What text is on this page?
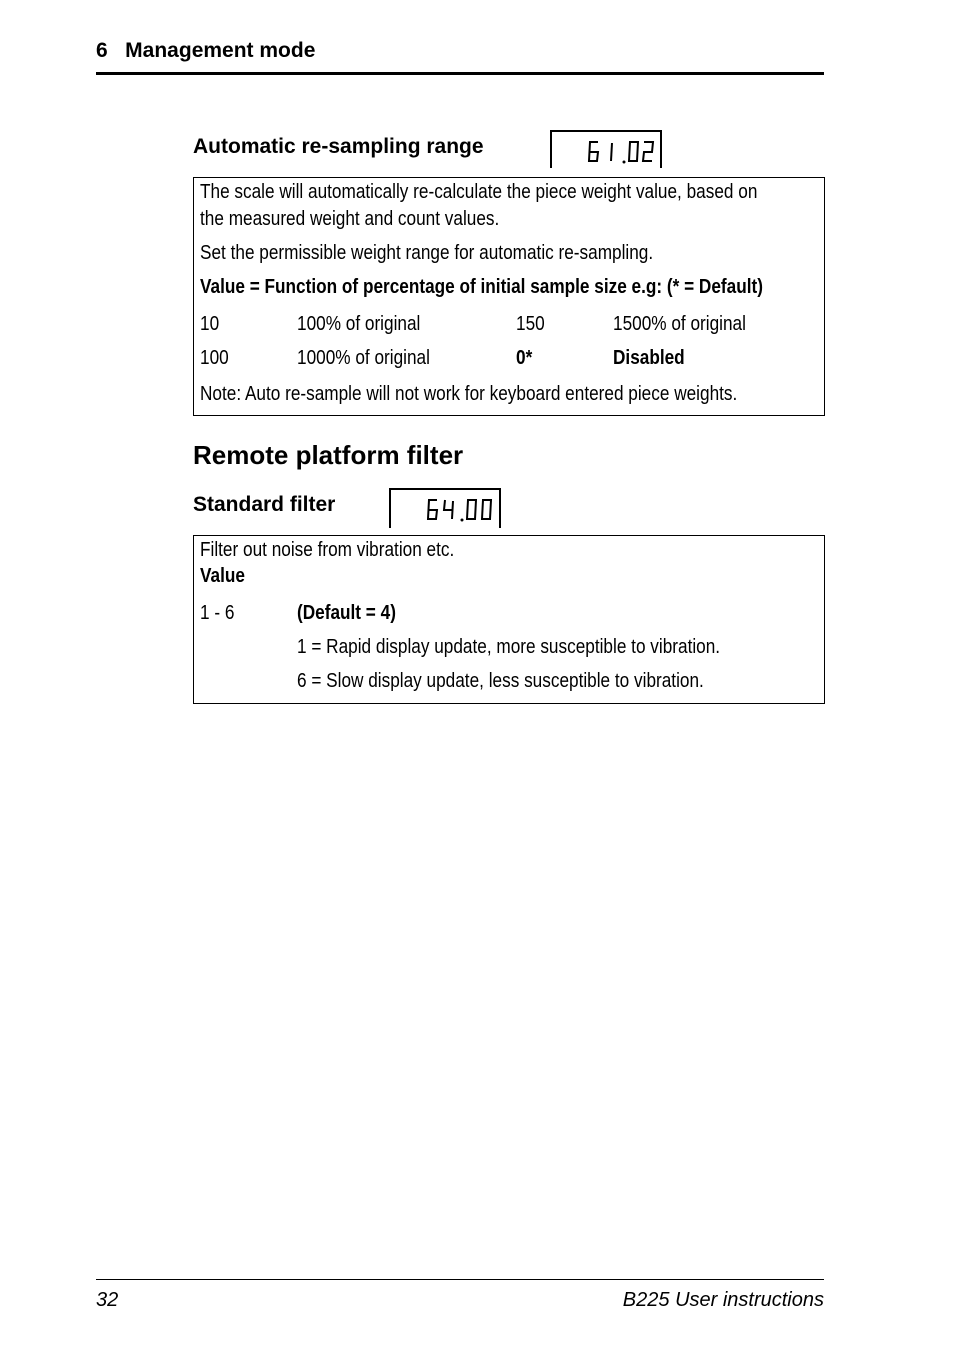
6   Management mode
Automatic re-sampling range
The scale will automatically re-calculate the piece weight value, based on
the measured weight and count values.
Set the permissible weight range for automatic re-sampling.
Value = Function of percentage of initial sample size e.g: (* = Default)
10	100% of original	150	1500% of original
100	1000% of original	0*	Disabled
Note: Auto re-sample will not work for keyboard entered piece weights.
Remote platform filter
Standard filter
Filter out noise from vibration etc.
Value
1 - 6	(Default = 4)
1 = Rapid display update, more susceptible to vibration.
6 = Slow display update, less susceptible to vibration.
32	B225 User instructions
